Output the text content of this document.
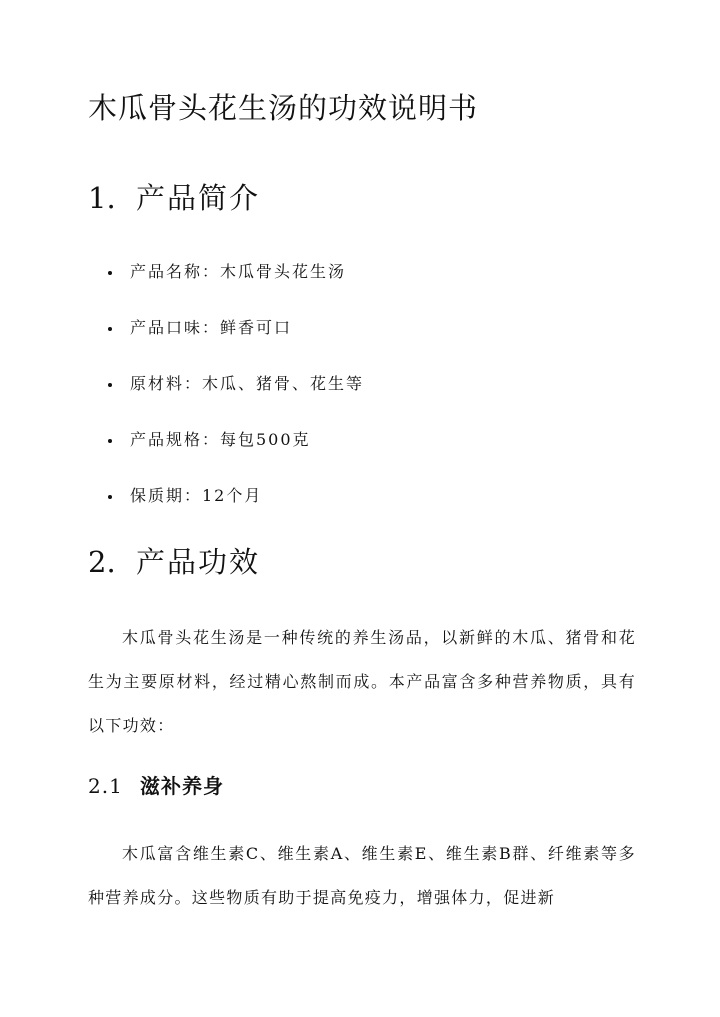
木瓜骨头花生汤的功效说明书
1. 产品简介
产品名称：木瓜骨头花生汤
产品口味：鲜香可口
原材料：木瓜、猪骨、花生等
产品规格：每包500克
保质期：12个月
2. 产品功效

木瓜骨头花生汤是一种传统的养生汤品，以新鲜的木瓜、猪骨和花生为主要原材料，经过精心熬制而成。本产品富含多种营养物质，具有以下功效：

2.1 滋补养身

木瓜富含维生素C、维生素A、维生素E、维生素B群、纤维素等多种营养成分。这些物质有助于提高免疫力，增强体力，促进新
